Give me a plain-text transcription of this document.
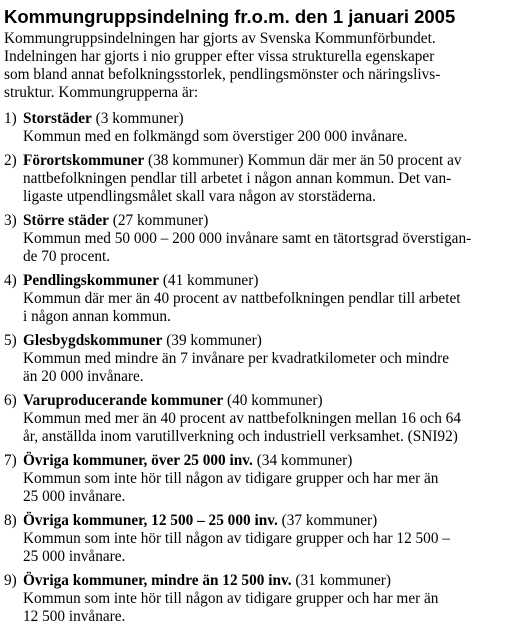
Kommungruppsindelning fr.o.m. den 1 januari 2005
Kommungruppsindelningen har gjorts av Svenska Kommunförbundet.
Indelningen har gjorts i nio grupper efter vissa strukturella egenskaper
som bland annat befolkningsstorlek, pendlingsmönster och näringslivs-
struktur. Kommungrupperna är:
1) Storstäder (3 kommuner)
Kommun med en folkmängd som överstiger 200 000 invånare.
2) Förortskommuner (38 kommuner) Kommun där mer än 50 procent av
nattbefolkningen pendlar till arbetet i någon annan kommun. Det van-
ligaste utpendlingsmålet skall vara någon av storstäderna.
3) Större städer (27 kommuner)
Kommun med 50 000 – 200 000 invånare samt en tätortsgrad överstigan-
de 70 procent.
4) Pendlingskommuner (41 kommuner)
Kommun där mer än 40 procent av nattbefolkningen pendlar till arbetet
i någon annan kommun.
5) Glesbygdskommuner (39 kommuner)
Kommun med mindre än 7 invånare per kvadratkilometer och mindre
än 20 000 invånare.
6) Varuproducerande kommuner (40 kommuner)
Kommun med mer än 40 procent av nattbefolkningen mellan 16 och 64
år, anställda inom varutillverkning och industriell verksamhet. (SNI92)
7) Övriga kommuner, över 25 000 inv. (34 kommuner)
Kommun som inte hör till någon av tidigare grupper och har mer än
25 000 invånare.
8) Övriga kommuner, 12 500 – 25 000 inv. (37 kommuner)
Kommun som inte hör till någon av tidigare grupper och har 12 500 –
25 000 invånare.
9) Övriga kommuner, mindre än 12 500 inv. (31 kommuner)
Kommun som inte hör till någon av tidigare grupper och har mer än
12 500 invånare.
